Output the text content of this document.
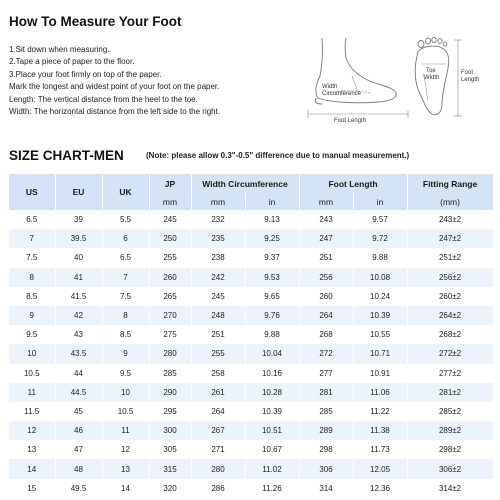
How To Measure Your Foot
1.Sit down when measuring.
2.Tape a piece of paper to the floor.
3.Place your foot firmly on top of the paper.
Mark the longest and widest point of your foot on the paper.
Length: The vertical distance from the heel to the toe.
Width: The horizontal distance from the left side to the right.
Width
Circumference
Foot Length
Toe
Width
Foot
Length
SIZE CHART-MEN	(Note: please allow 0.3"-0.5" difference due to manual measurement.)
US	EU	UK	JP	Width Circumference		Foot Length		Fitting Range
			mm	mm	in	mm	in	(mm)
6.5	39	5.5	245	232	9.13	243	9.57	243±2
7	39.5	6	250	235	9.25	247	9.72	247±2
7.5	40	6.5	255	238	9.37	251	9.88	251±2
8	41	7	260	242	9.53	256	10.08	256±2
8.5	41.5	7.5	265	245	9.65	260	10.24	260±2
9	42	8	270	248	9.76	264	10.39	264±2
9.5	43	8.5	275	251	9.88	268	10.55	268±2
10	43.5	9	280	255	10.04	272	10.71	272±2
10.5	44	9.5	285	258	10.16	277	10.91	277±2
11	44.5	10	290	261	10.28	281	11.06	281±2
11.5	45	10.5	295	264	10.39	285	11.22	285±2
12	46	11	300	267	10.51	289	11.38	289±2
13	47	12	305	271	10.67	298	11.73	298±2
14	48	13	315	280	11.02	306	12.05	306±2
15	49.5	14	320	286	11.26	314	12.36	314±2
